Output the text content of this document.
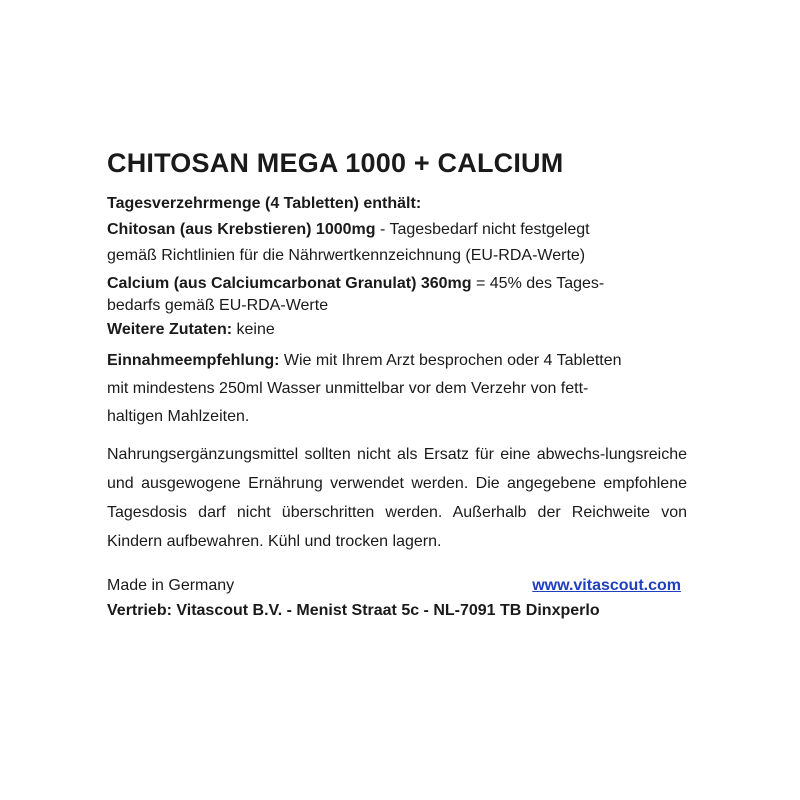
CHITOSAN MEGA 1000 + CALCIUM

Tagesverzehrmenge (4 Tabletten) enthält:

Chitosan (aus Krebstieren) 1000mg - Tagesbedarf nicht festgelegt

gemäß Richtlinien für die Nährwertkennzeichnung (EU-RDA-Werte)

Calcium (aus Calciumcarbonat Granulat) 360mg = 45% des Tages-

bedarfs gemäß EU-RDA-Werte

Weitere Zutaten: keine

Einnahmeempfehlung: Wie mit Ihrem Arzt besprochen oder 4 Tabletten

mit mindestens 250ml Wasser unmittelbar vor dem Verzehr von fett-

haltigen Mahlzeiten.

Nahrungsergänzungsmittel sollten nicht als Ersatz für eine abwechs-lungsreiche und ausgewogene Ernährung verwendet werden. Die angegebene empfohlene Tagesdosis darf nicht überschritten werden. Außerhalb der Reichweite von Kindern aufbewahren. Kühl und trocken lagern.

Made in Germany	www.vitascout.com
Vertrieb: Vitascout B.V. - Menist Straat 5c - NL-7091 TB Dinxperlo
